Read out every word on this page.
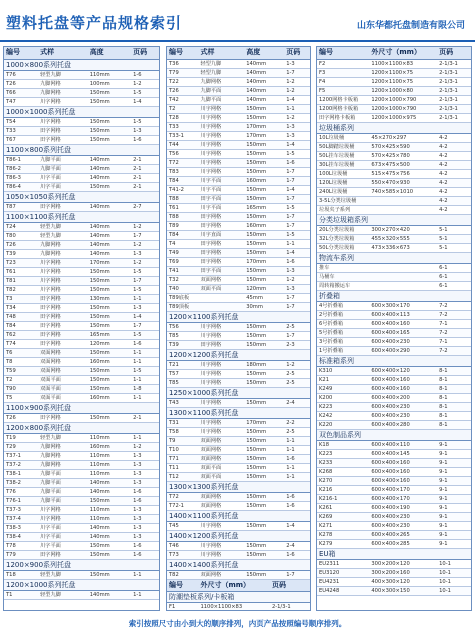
塑料托盘等产品规格索引	山东华都托盘制造有限公司
编号	式样	高度	页码
1000×800系列托盘			
T76	轻型九脚	110mm	1-6
T26	九脚网格	100mm	1-2
T66	九脚网格	150mm	1-5
T47	川字网格	150mm	1-4
1000×1000系列托盘			
T54	川字网格	150mm	1-5
T33	田字网格	150mm	1-3
T67	田字网格	150mm	1-6
1100×800系列托盘			
T86-1	九脚平面	140mm	2-1
T86-2	九脚平面	140mm	2-1
T86-3	川字平面	140mm	2-1
T86-4	川字平面	150mm	2-1
1050×1050系列托盘			
T87	田字网格	140mm	2-7
1100×1100系列托盘			
T24	轻型九脚	140mm	1-2
T80	轻型九脚	140mm	1-7
T26	九脚网格	140mm	1-2
T39	九脚网格	140mm	1-3
T23	川字网格	170mm	1-2
T61	川字网格	150mm	1-5
T81	川字网格	150mm	1-7
T82	川字网格	150mm	1-5
T3	田字网格	130mm	1-1
T34	田字网格	150mm	1-3
T48	田字网格	150mm	1-4
T84	田字网格	150mm	1-7
T62	田字网格	165mm	1-5
T74	田字网格	120mm	1-6
T6	双面网格	150mm	1-1
T8	双面网格	160mm	1-1
T59	双面网格	150mm	1-5
T2	双面平面	150mm	1-1
T90	双面平面	150mm	1-8
T5	双面平面	160mm	1-1
1100×900系列托盘			
T26	田字网格	150mm	2-1
1200×800系列托盘			
T19	轻型九脚	110mm	1-1
T29	九脚网格	160mm	1-2
T37-1	九脚网格	110mm	1-3
T37-2	九脚网格	110mm	1-3
T38-1	九脚平面	110mm	1-3
T38-2	九脚平面	140mm	1-3
T76	九脚平面	140mm	1-6
T76-1	九脚平面	150mm	1-6
T37-3	川字网格	110mm	1-3
T37-4	川字网格	110mm	1-3
T38-3	川字平面	140mm	1-3
T38-4	川字平面	140mm	1-3
T78	川字平面	150mm	1-6
T79	田字网格	150mm	1-6
1200×900系列托盘			
T18	轻型九脚	150mm	1-1
1200×1000系列托盘			
T1	轻型九脚	140mm	1-1
编号	式样	高度	页码
T36	轻型九脚	140mm	1-3
T79	轻型九脚	140mm	1-7
T22	九脚网格	140mm	1-2
T26	九脚平面	140mm	1-2
T42	九脚平面	140mm	1-4
T2	川字网格	150mm	1-1
T28	川字网格	150mm	1-2
T33	川字网格	170mm	1-3
T33-1	川字网格	170mm	1-3
T44	川字网格	150mm	1-4
T56	川字网格	150mm	1-5
T72	川字网格	150mm	1-6
T83	川字网格	150mm	1-7
T84	川字平面	160mm	1-7
T41-2	川字平面	150mm	1-4
T88	田字平面	150mm	1-7
T61	川字平面	165mm	1-5
T88	田字网格	150mm	1-7
T89	田字网格	160mm	1-7
T84	川字直面	150mm	1-5
T4	田字网格	150mm	1-1
T49	田字网格	150mm	1-4
T69	田字网格	170mm	1-6
T41	田字平面	150mm	1-3
T32	双面网格	150mm	1-2
T40	双面平面	120mm	1-3
T89底板		45mm	1-7
T89顶板		30mm	1-7
1200×1100系列托盘			
T56	川字网格	150mm	2-5
T85	川字网格	150mm	1-7
T39	田字网格	150mm	2-3
1200×1200系列托盘			
T21	川字网格	180mm	1-2
T57	川字网格	150mm	2-5
T85	川字网格	150mm	2-5
1250×1000系列托盘			
T43	川字网格	150mm	2-4
1300×1100系列托盘			
T31	川字网格	170mm	2-2
T58	川字网格	150mm	2-5
T9	双面网格	150mm	1-1
T10	双面网格	150mm	1-1
T71	双面网格	150mm	1-6
T11	双面平面	150mm	1-1
T12	双面平面	150mm	1-1
1300×1300系列托盘			
T72	双面网格	150mm	1-6
T72-1	双面网格	150mm	1-6
1400×1100系列托盘			
T45	川字网格	150mm	1-4
1400×1200系列托盘			
T46	川字网格	150mm	2-4
T73	川字网格	150mm	1-6
1400×1400系列托盘			
T82	双面网格	150mm	1-7
编号	外尺寸（mm）	页码
防潮垫板系列/卡板箱		
F1	1100×1100×83	2-1/3-1
编号	外尺寸（mm）	页码
F2	1100×1100×83	2-1/3-1
F3	1200×1100×75	2-1/3-1
F4	1200×1100×75	2-1/3-1
F5	1200×1000×80	2-1/3-1
1200网格卡板箱	1200×1000×790	2-1/3-1
1200网格卡板箱	1200×1000×790	2-1/3-1
田字网格卡板箱	1200×1000×975	2-1/3-1
垃圾桶系列		
10L垃圾桶	45×270×297	4-2
50L脚踏垃圾桶	570×425×590	4-2
50L挂车垃圾桶	570×425×780	4-2
30L挂车垃圾桶	673×475×500	4-2
100L垃圾桶	515×475×756	4-2
120L垃圾桶	550×470×930	4-2
240L垃圾桶	740×585×1010	4-2
3-5L分类垃圾桶		4-2
垃圾夹子系列		4-2
分类垃圾箱系列		
20L分类垃圾箱	300×270×420	5-1
32L分类垃圾箱	455×320×555	5-1
50L分类垃圾箱	473×336×673	5-1
物流车系列		
推车		6-1
马桶车		6-1
周转箱搬运车		6-1
折叠箱		
4号折叠箱	600×300×170	7-2
2号折叠箱	600×400×113	7-2
6号折叠箱	600×400×160	7-1
5号折叠箱	600×400×165	7-2
3号折叠箱	600×400×230	7-1
1号折叠箱	600×400×290	7-2
标准箱系列		
K310	600×400×120	8-1
K21	600×400×160	8-1
K249	600×400×160	8-1
K200	600×400×200	8-1
K223	600×400×230	8-1
K242	600×400×230	8-1
K220	600×400×280	8-1
双色制品系列		
K18	600×400×110	9-1
K223	600×400×145	9-1
K233	600×400×160	9-1
K268	600×400×160	9-1
K270	600×400×160	9-1
K216	600×400×170	9-1
K216-1	600×400×170	9-1
K261	600×400×190	9-1
K269	600×400×230	9-1
K271	600×400×230	9-1
K278	600×400×265	9-1
K279	600×400×285	9-1
EU箱		
EU2311	300×200×120	10-1
EU3120	300×200×160	10-1
EU4231	400×300×120	10-1
EU4248	400×300×150	10-1
索引按照尺寸由小到大的顺序排列，内页产品按照编号顺序排列。
